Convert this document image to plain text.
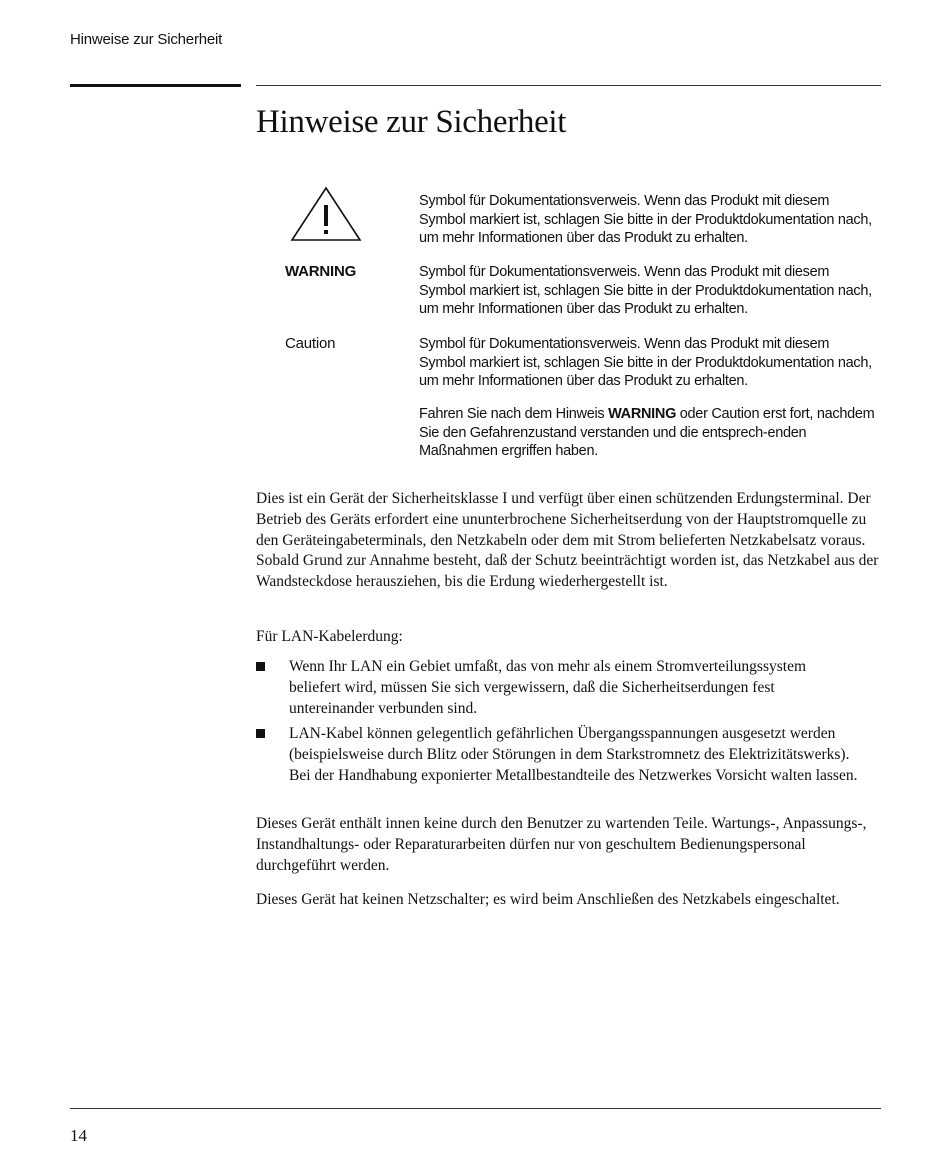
Hinweise zur Sicherheit
Hinweise zur Sicherheit
Symbol für Dokumentationsverweis. Wenn das Produkt mit diesem Symbol markiert ist, schlagen Sie bitte in der Produktdokumentation nach, um mehr Informationen über das Produkt zu erhalten.
WARNING	Symbol für Dokumentationsverweis. Wenn das Produkt mit diesem Symbol markiert ist, schlagen Sie bitte in der Produktdokumentation nach, um mehr Informationen über das Produkt zu erhalten.
Caution	Symbol für Dokumentationsverweis. Wenn das Produkt mit diesem Symbol markiert ist, schlagen Sie bitte in der Produktdokumentation nach, um mehr Informationen über das Produkt zu erhalten.
Fahren Sie nach dem Hinweis WARNING oder Caution erst fort, nachdem Sie den Gefahrenzustand verstanden und die entsprech-enden Maßnahmen ergriffen haben.

Dies ist ein Gerät der Sicherheitsklasse I und verfügt über einen schützenden Erdungsterminal. Der Betrieb des Geräts erfordert eine ununterbrochene Sicherheitserdung von der Hauptstromquelle zu den Geräteingabeterminals, den Netzkabeln oder dem mit Strom belieferten Netzkabelsatz voraus. Sobald Grund zur Annahme besteht, daß der Schutz beeinträchtigt worden ist, das Netzkabel aus der Wandsteckdose herausziehen, bis die Erdung wiederhergestellt ist.

Für LAN-Kabelerdung:

Wenn Ihr LAN ein Gebiet umfaßt, das von mehr als einem Stromverteilungssystem beliefert wird, müssen Sie sich vergewissern, daß die Sicherheitserdungen fest untereinander verbunden sind.
LAN-Kabel können gelegentlich gefährlichen Übergangsspannungen ausgesetzt werden (beispielsweise durch Blitz oder Störungen in dem Starkstromnetz des Elektrizitätswerks). Bei der Handhabung exponierter Metallbestandteile des Netzwerkes Vorsicht walten lassen.

Dieses Gerät enthält innen keine durch den Benutzer zu wartenden Teile. Wartungs-, Anpassungs-, Instandhaltungs- oder Reparaturarbeiten dürfen nur von geschultem Bedienungspersonal durchgeführt werden.

Dieses Gerät hat keinen Netzschalter; es wird beim Anschließen des Netzkabels eingeschaltet.

14
